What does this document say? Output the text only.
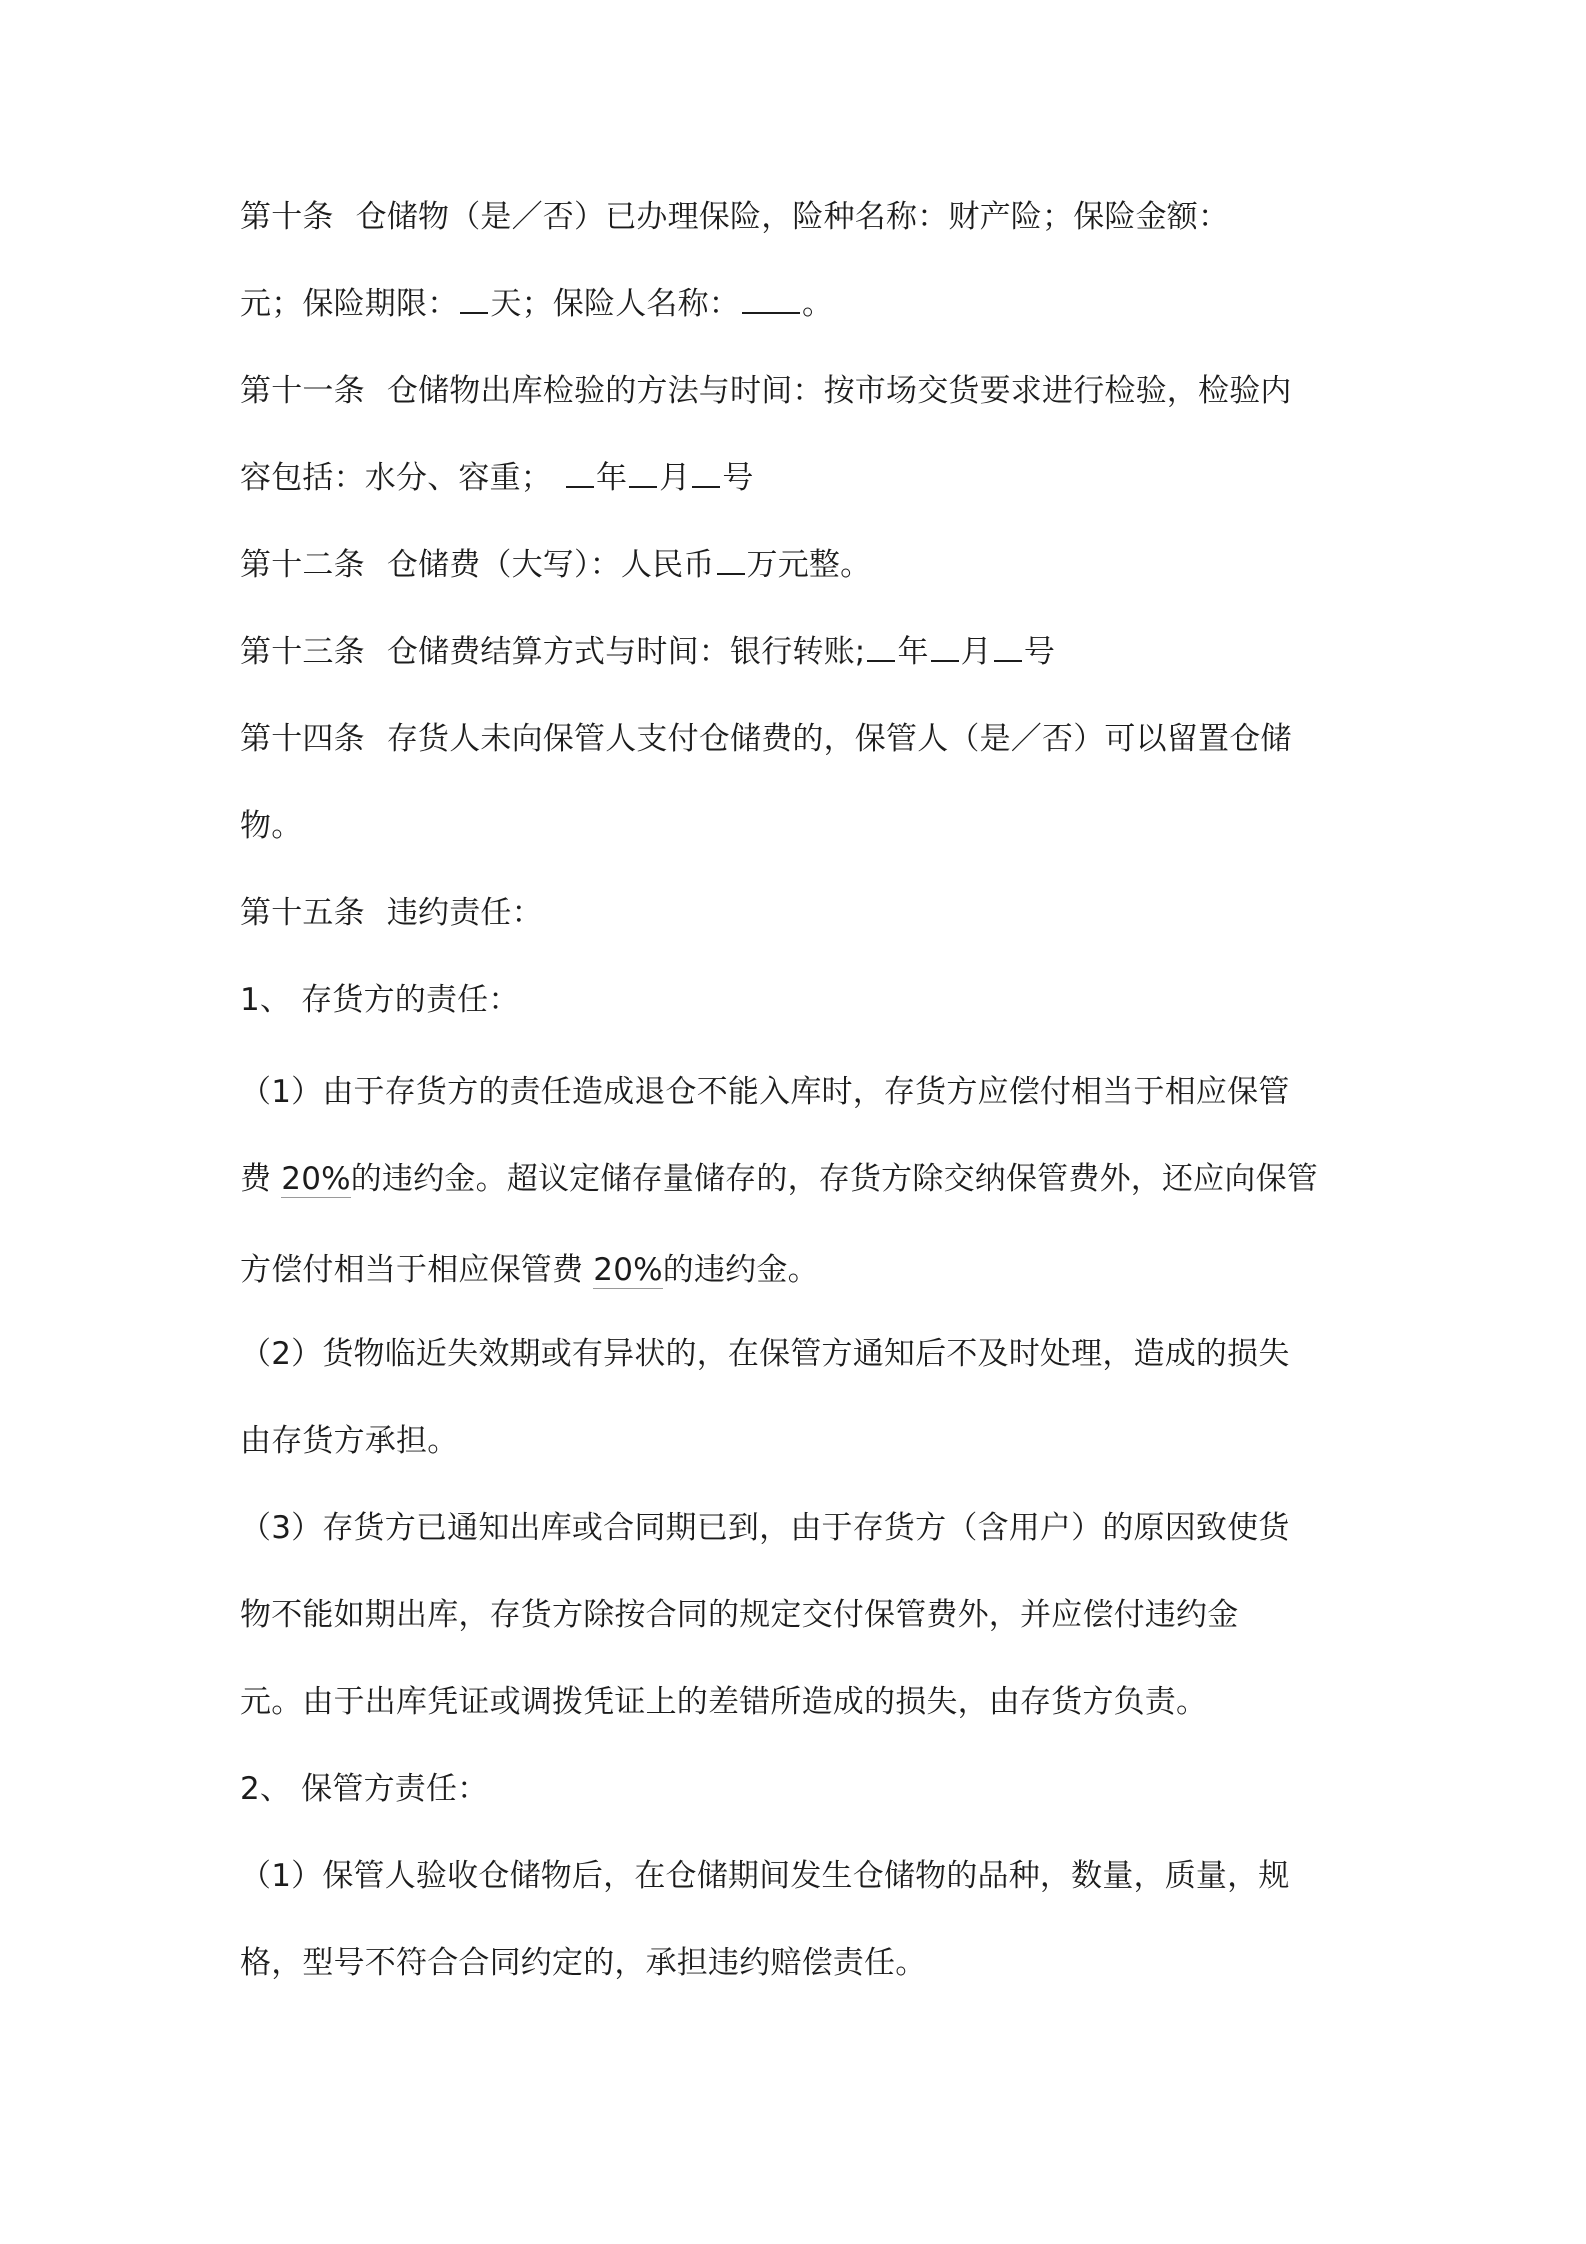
第十条 仓储物（是／否）已办理保险，险种名称：财产险；保险金额：
元；保险期限： 天；保险人名称： 。
第十一条 仓储物出库检验的方法与时间：按市场交货要求进行检验，检验内
容包括：水分、容重； 年 月 号
第十二条 仓储费（大写）：人民币 万元整。
第十三条 仓储费结算方式与时间：银行转账; 年 月 号
第十四条 存货人未向保管人支付仓储费的，保管人（是／否）可以留置仓储
物。
第十五条 违约责任：
1、 存货方的责任：
（1）由于存货方的责任造成退仓不能入库时，存货方应偿付相当于相应保管
费 20%的违约金。超议定储存量储存的，存货方除交纳保管费外，还应向保管
方偿付相当于相应保管费 20%的违约金。
（2）货物临近失效期或有异状的，在保管方通知后不及时处理，造成的损失
由存货方承担。
（3）存货方已通知出库或合同期已到，由于存货方（含用户）的原因致使货
物不能如期出库，存货方除按合同的规定交付保管费外，并应偿付违约金
元。由于出库凭证或调拨凭证上的差错所造成的损失，由存货方负责。
2、 保管方责任：
（1）保管人验收仓储物后，在仓储期间发生仓储物的品种，数量，质量，规
格，型号不符合合同约定的，承担违约赔偿责任。
